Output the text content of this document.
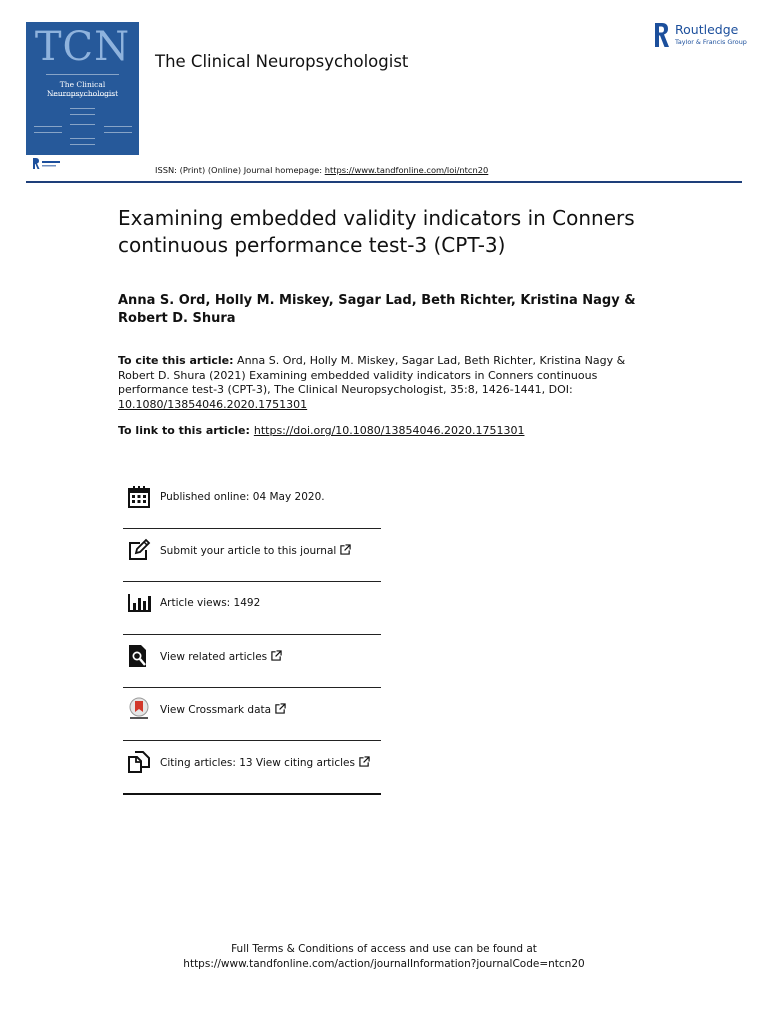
TCN
The Clinical Neuropsychologist
The Clinical Neuropsychologist
Routledge
Taylor & Francis Group
ISSN: (Print) (Online) Journal homepage: https://www.tandfonline.com/loi/ntcn20
Examining embedded validity indicators in Conners continuous performance test-3 (CPT-3)
Anna S. Ord, Holly M. Miskey, Sagar Lad, Beth Richter, Kristina Nagy & Robert D. Shura
To cite this article: Anna S. Ord, Holly M. Miskey, Sagar Lad, Beth Richter, Kristina Nagy & Robert D. Shura (2021) Examining embedded validity indicators in Conners continuous performance test-3 (CPT-3), The Clinical Neuropsychologist, 35:8, 1426-1441, DOI: 10.1080/13854046.2020.1751301
To link to this article: https://doi.org/10.1080/13854046.2020.1751301
Published online: 04 May 2020.
Submit your article to this journal
Article views: 1492
View related articles
View Crossmark data
Citing articles: 13 View citing articles
Full Terms & Conditions of access and use can be found at
https://www.tandfonline.com/action/journalInformation?journalCode=ntcn20
